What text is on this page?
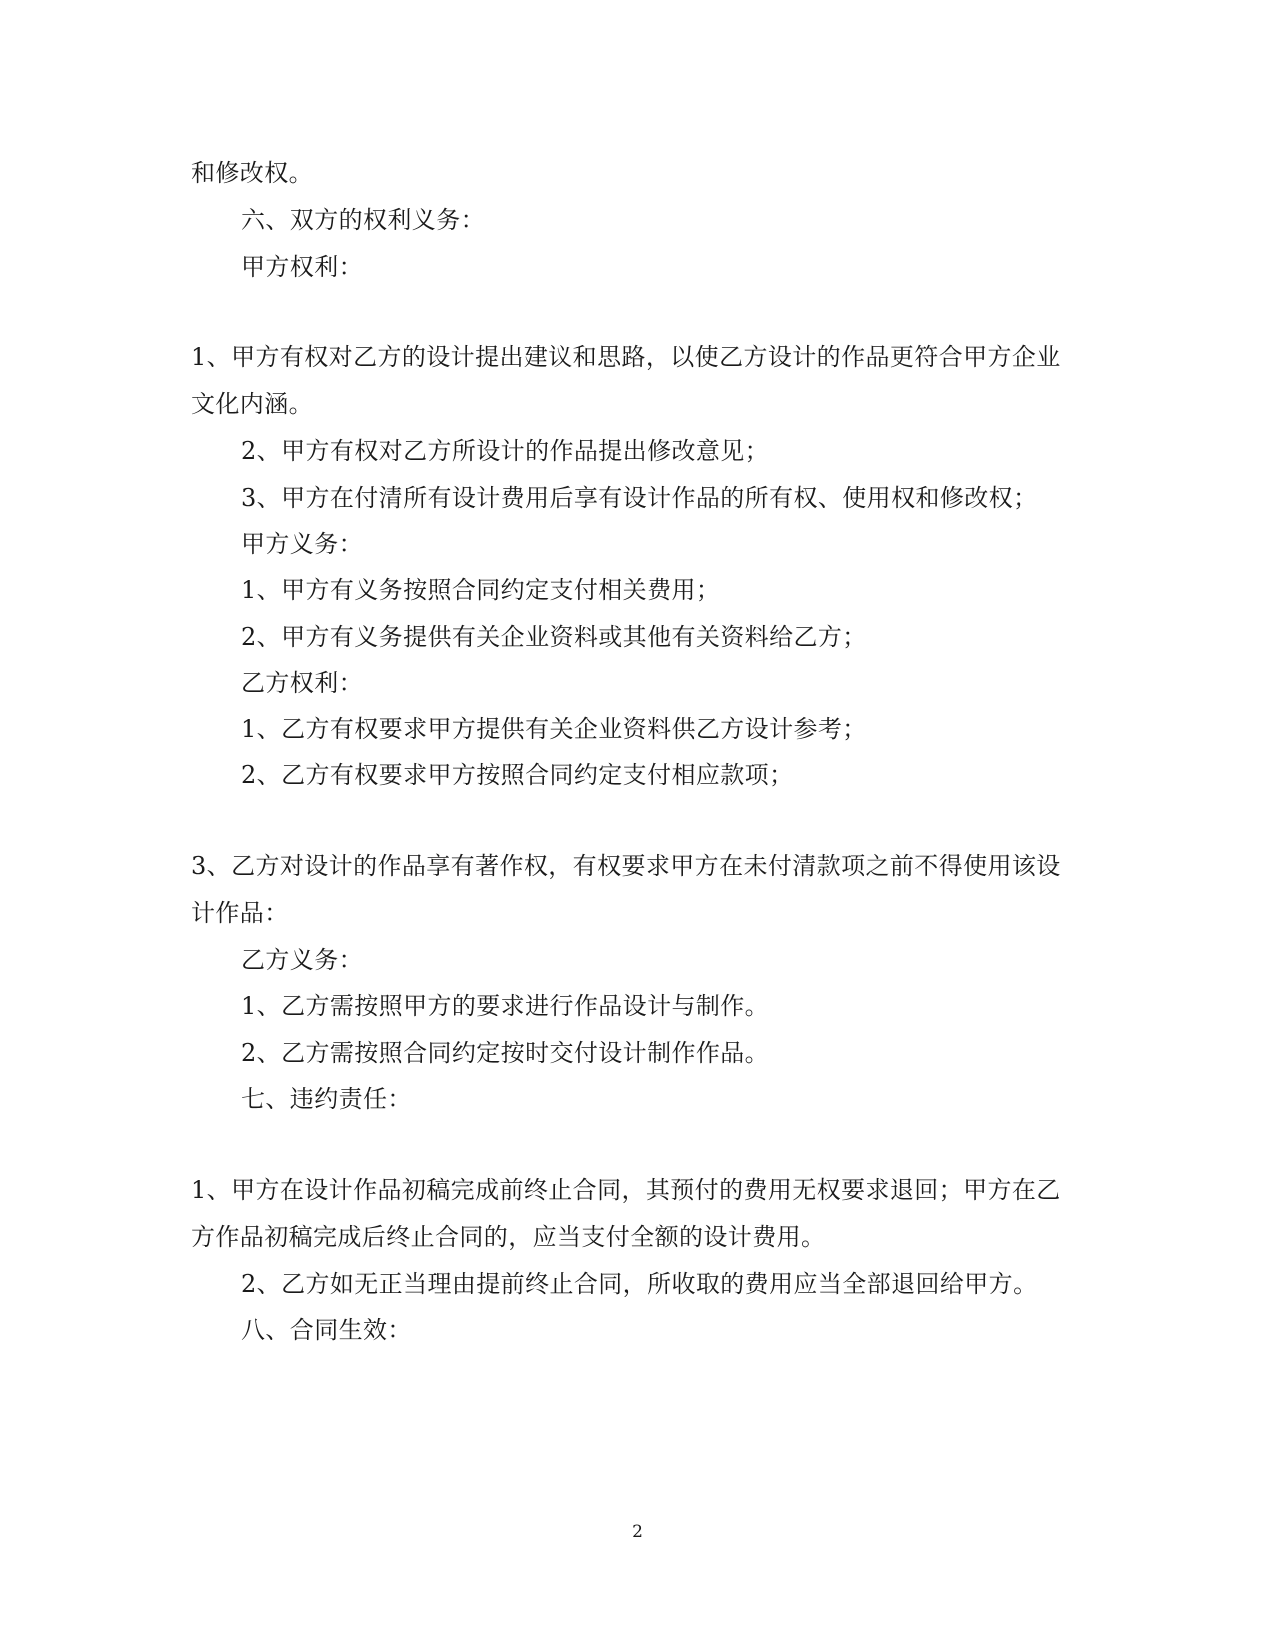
和修改权。
六、双方的权利义务：
甲方权利：
1、甲方有权对乙方的设计提出建议和思路，以使乙方设计的作品更符合甲方企业
文化内涵。
2、甲方有权对乙方所设计的作品提出修改意见；
3、甲方在付清所有设计费用后享有设计作品的所有权、使用权和修改权；
甲方义务：
1、甲方有义务按照合同约定支付相关费用；
2、甲方有义务提供有关企业资料或其他有关资料给乙方；
乙方权利：
1、乙方有权要求甲方提供有关企业资料供乙方设计参考；
2、乙方有权要求甲方按照合同约定支付相应款项；
3、乙方对设计的作品享有著作权，有权要求甲方在未付清款项之前不得使用该设
计作品：
乙方义务：
1、乙方需按照甲方的要求进行作品设计与制作。
2、乙方需按照合同约定按时交付设计制作作品。
七、违约责任：
1、甲方在设计作品初稿完成前终止合同，其预付的费用无权要求退回；甲方在乙
方作品初稿完成后终止合同的，应当支付全额的设计费用。
2、乙方如无正当理由提前终止合同，所收取的费用应当全部退回给甲方。
八、合同生效：
2
